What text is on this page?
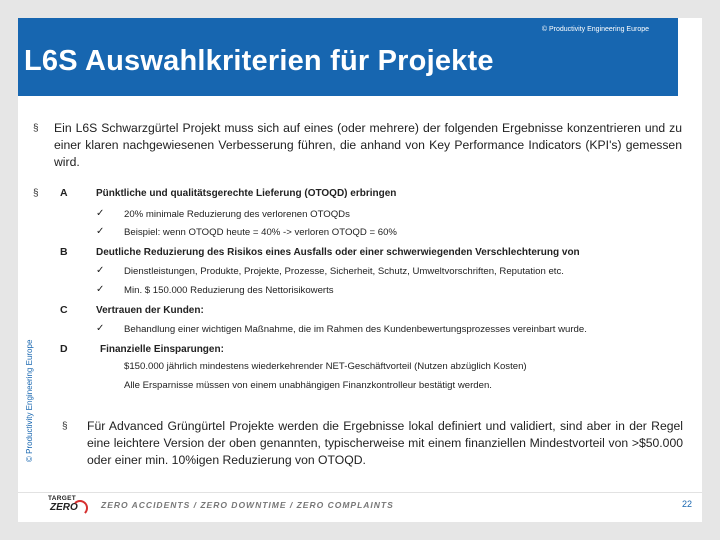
© Productivity Engineering Europe
L6S Auswahlkriterien für Projekte
© Productivity Engineering Europe
§ Ein L6S Schwarzgürtel Projekt muss sich auf eines (oder mehrere) der folgenden Ergebnisse konzentrieren und zu einer klaren nachgewiesenen Verbesserung führen, die anhand von Key Performance Indicators (KPI's) gemessen wird.
§ A	Pünktliche und qualitätsgerechte Lieferung (OTOQD) erbringen
✓ 20% minimale Reduzierung des verlorenen OTOQDs
✓ Beispiel: wenn OTOQD heute = 40% -> verloren OTOQD = 60%
B	Deutliche Reduzierung des Risikos eines Ausfalls oder einer schwerwiegenden Verschlechterung von
✓ Dienstleistungen, Produkte, Projekte, Prozesse, Sicherheit, Schutz, Umweltvorschriften, Reputation etc.
✓ Min. $ 150.000 Reduzierung des Nettorisikowerts
C	Vertrauen der Kunden:
✓ Behandlung einer wichtigen Maßnahme, die im Rahmen des Kundenbewertungsprozesses vereinbart wurde.
D	Finanzielle Einsparungen:
$150.000 jährlich mindestens wiederkehrender NET-Geschäftvorteil (Nutzen abzüglich Kosten)
Alle Ersparnisse müssen von einem unabhängigen Finanzkontrolleur bestätigt werden.
§ Für Advanced Grüngürtel Projekte werden die Ergebnisse lokal definiert und validiert, sind aber in der Regel eine leichtere Version der oben genannten, typischerweise mit einem finanziellen Mindestvorteil von >$50.000 oder einer min. 10%igen Reduzierung von OTOQD.
TARGET
ZERO	ZERO ACCIDENTS / ZERO DOWNTIME / ZERO COMPLAINTS	22
